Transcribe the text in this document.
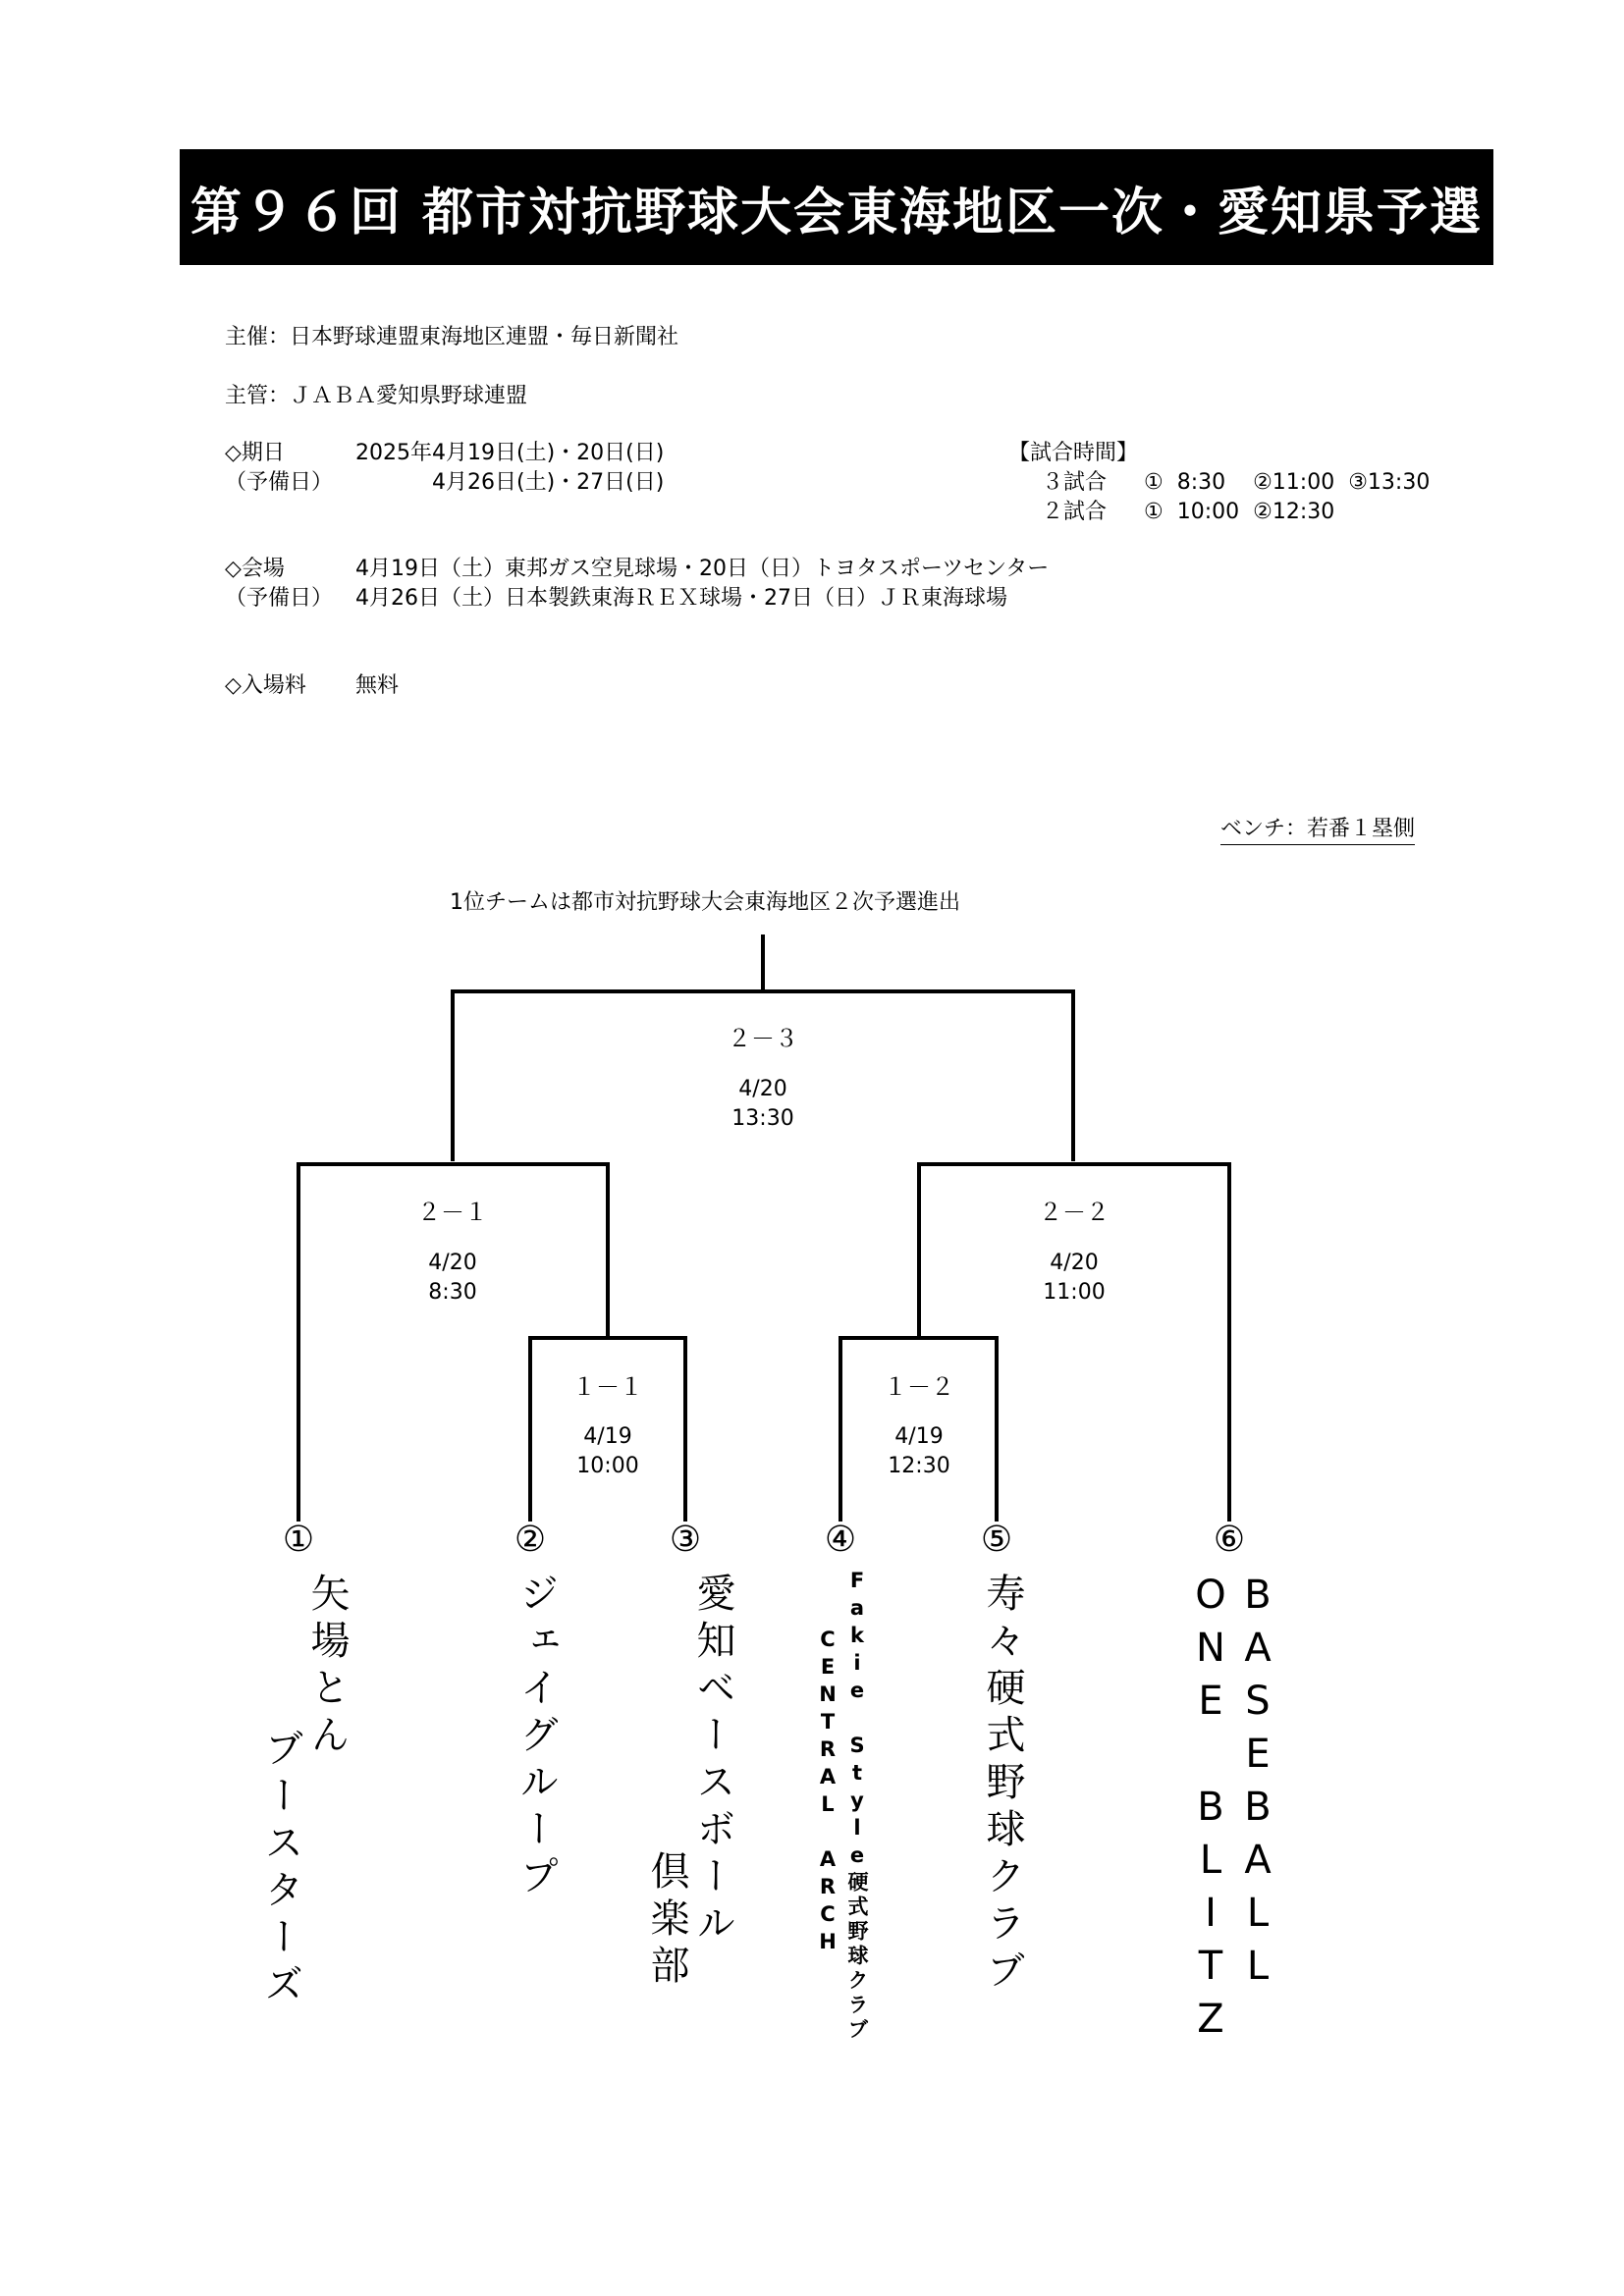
第９６回 都市対抗野球大会東海地区一次・愛知県予選
主催：日本野球連盟東海地区連盟・毎日新聞社
主管：ＪＡＢＡ愛知県野球連盟
◇期日	2025年4月19日(土)・20日(日)
（予備日）	4月26日(土)・27日(日)
【試合時間】
３試合 ①  8:30    ②11:00  ③13:30
２試合 ①  10:00  ②12:30
◇会場	4月19日（土）東邦ガス空見球場・20日（日）トヨタスポーツセンター
（予備日） 4月26日（土）日本製鉄東海ＲＥＸ球場・27日（日）ＪＲ東海球場
◇入場料 無料
ベンチ：若番１塁側
1位チームは都市対抗野球大会東海地区２次予選進出
２－３
4/20
13:30
２－１
4/20
8:30
２－２
4/20
11:00
１－１
4/19
10:00
１－２
4/19
12:30
①	②	③	④	⑤	⑥
矢場とん
ブースターズ	ジェイグループ	愛知ベースボール
倶楽部	Fakie Style硬式野球クラブ
CENTRAL ARCH	寿々硬式野球クラブ	BASEBALL
ONE BLITZ
